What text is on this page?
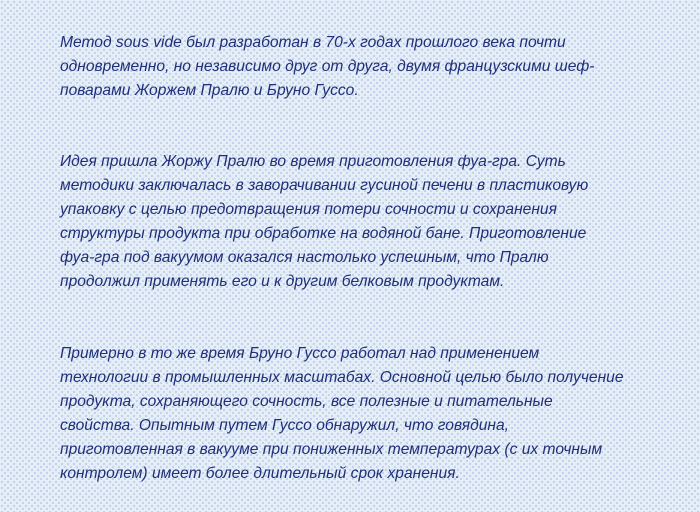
Метод sous vide был разработан в 70-х годах прошлого века почти
одновременно, но независимо друг от друга, двумя французскими шеф-
поварами Жоржем Пралю и Бруно Гуссо.

Идея пришла Жоржу Пралю во время приготовления фуа-гра. Суть
методики заключалась в заворачивании гусиной печени в пластиковую
упаковку с целью предотвращения потери сочности и сохранения
структуры продукта при обработке на водяной бане. Приготовление
фуа-гра под вакуумом оказался настолько успешным, что Пралю
продолжил применять его и к другим белковым продуктам.

Примерно в то же время Бруно Гуссо работал над применением
технологии в промышленных масштабах. Основной целью было получение
продукта, сохраняющего сочность, все полезные и питательные
свойства. Опытным путем Гуссо обнаружил, что говядина,
приготовленная в вакууме при пониженных температурах (с их точным
контролем) имеет более длительный срок хранения.
